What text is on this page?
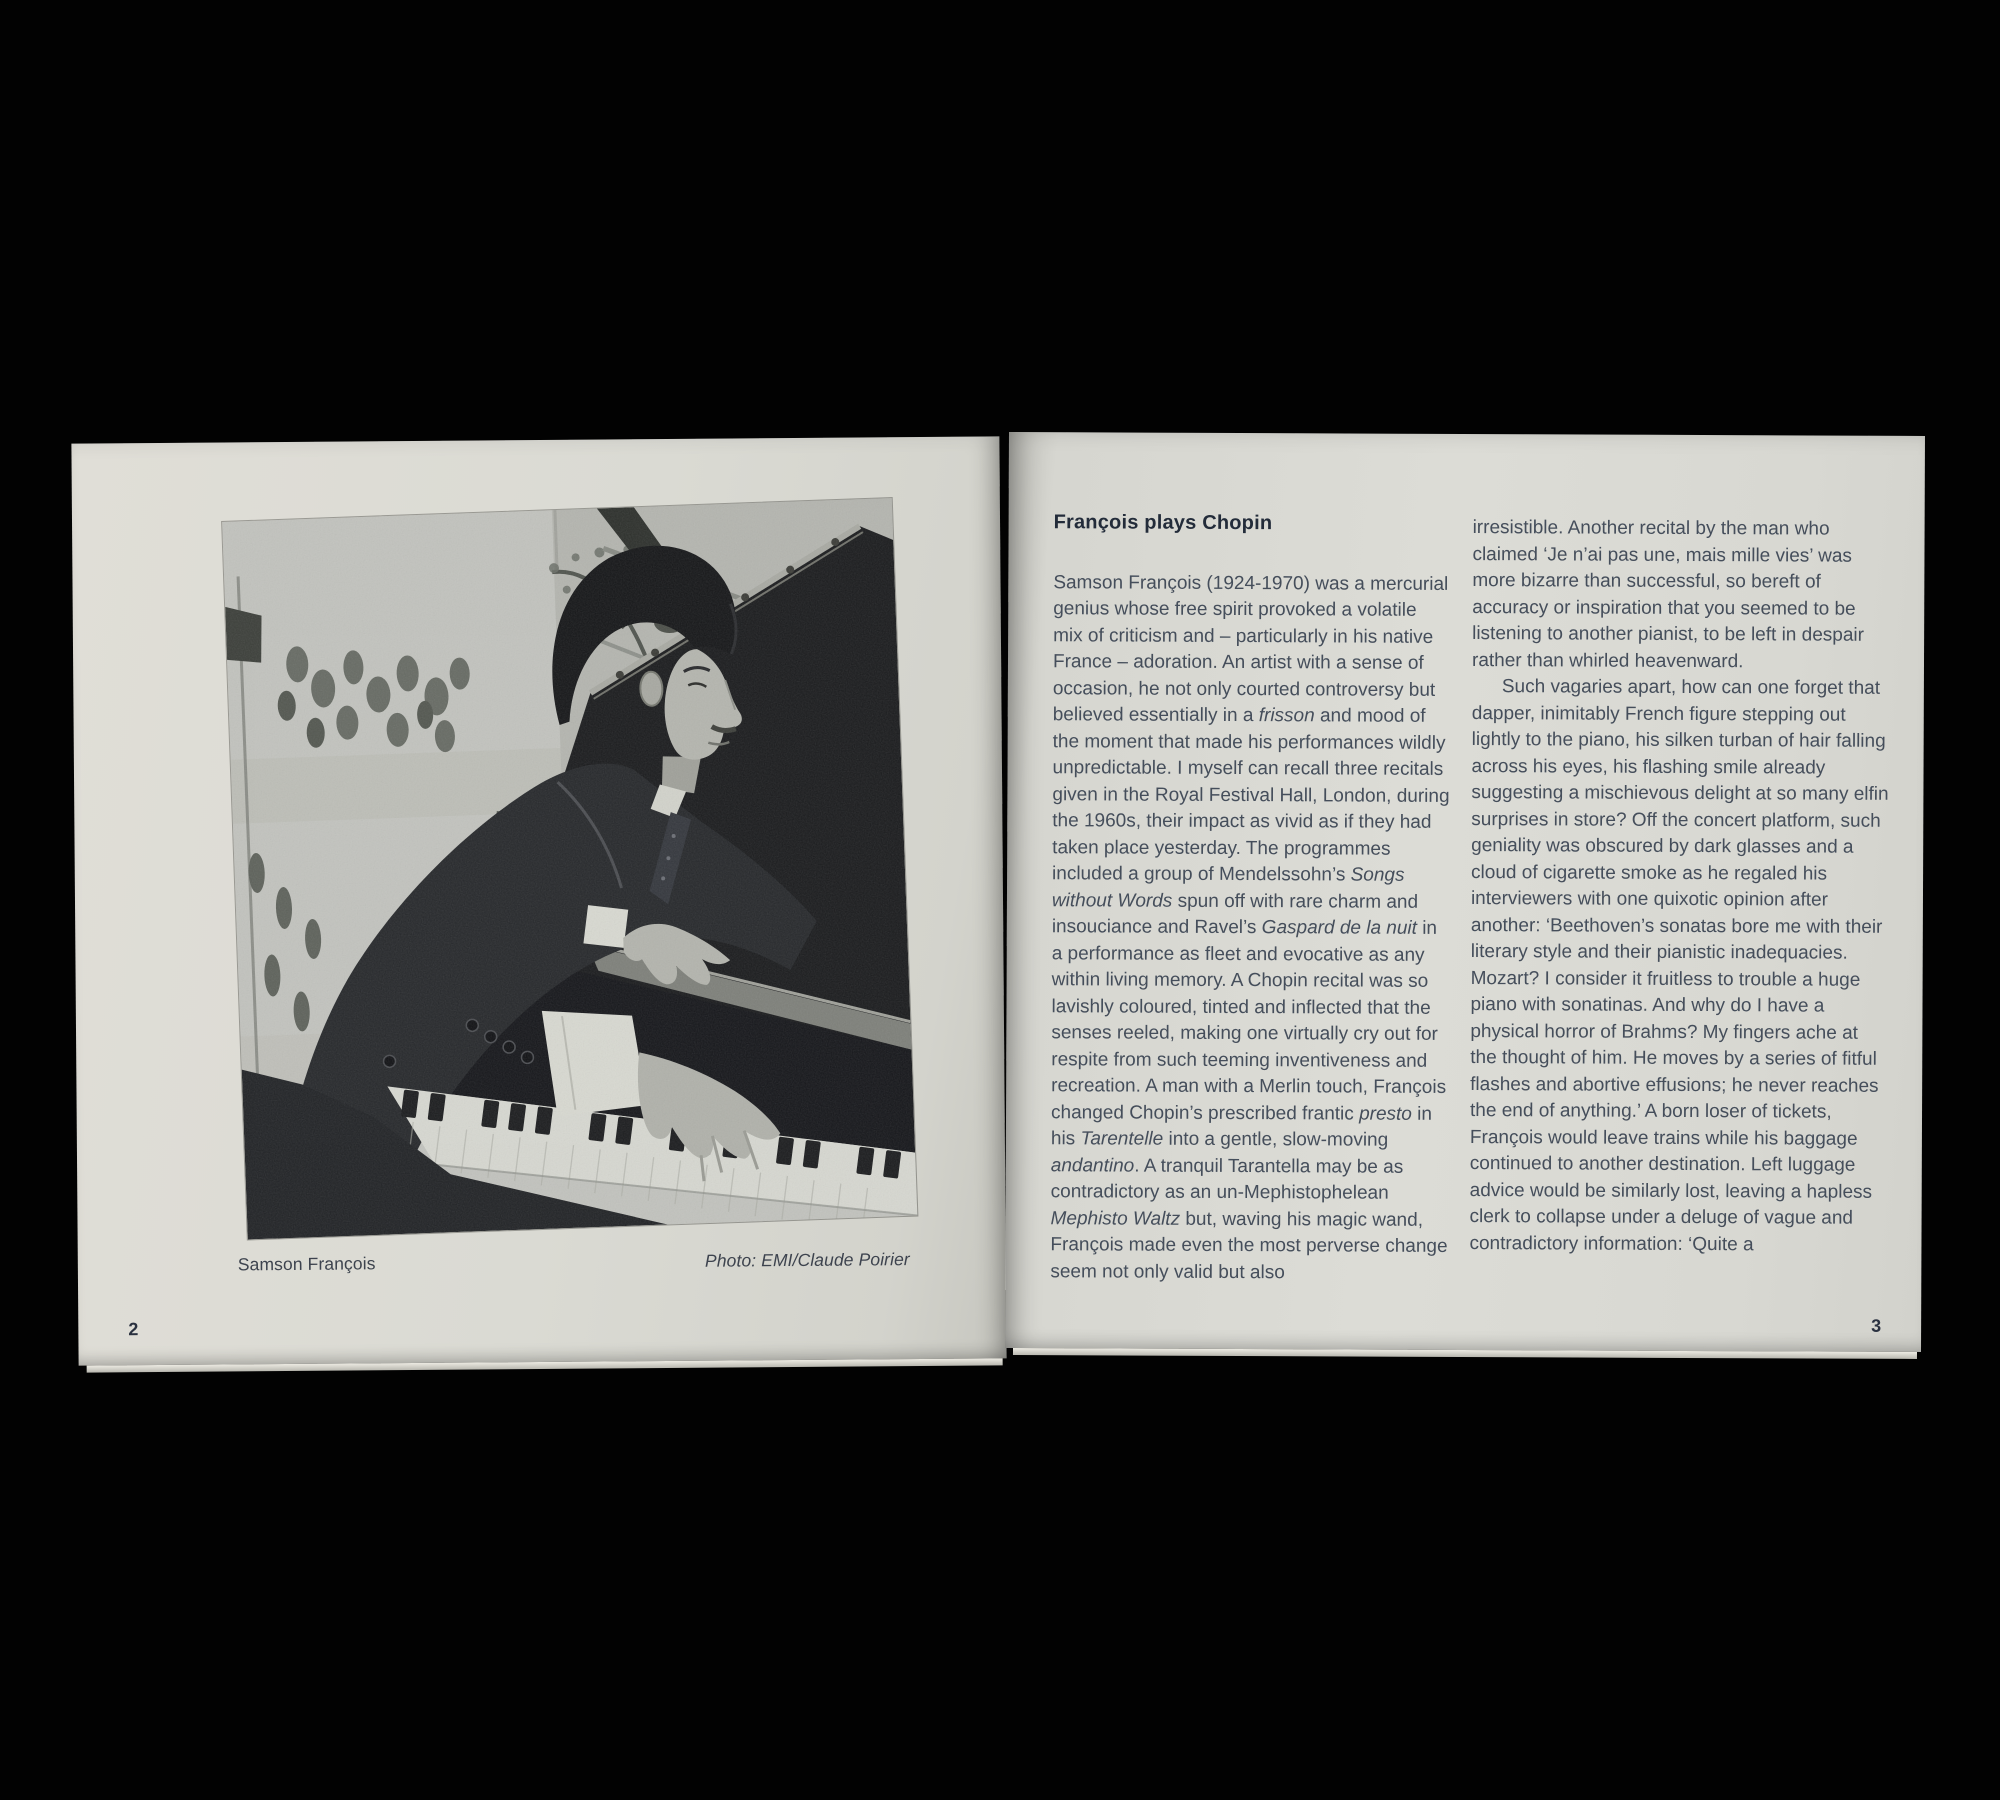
Samson François	Photo: EMI/Claude Poirier
2
François plays Chopin

Samson François (1924-1970) was a mercurial genius whose free spirit provoked a volatile mix of criticism and – particularly in his native France – adoration. An artist with a sense of occasion, he not only courted controversy but believed essentially in a frisson and mood of the moment that made his performances wildly unpredictable. I myself can recall three recitals given in the Royal Festival Hall, London, during the 1960s, their impact as vivid as if they had taken place yesterday. The programmes included a group of Mendelssohn’s Songs without Words spun off with rare charm and insouciance and Ravel’s Gaspard de la nuit in a performance as fleet and evocative as any within living memory. A Chopin recital was so lavishly coloured, tinted and inflected that the senses reeled, making one virtually cry out for respite from such teeming inventiveness and recreation. A man with a Merlin touch, François changed Chopin’s prescribed frantic presto in his Tarentelle into a gentle, slow-moving andantino. A tranquil Tarantella may be as contradictory as an un-Mephistophelean Mephisto Waltz but, waving his magic wand, François made even the most perverse change seem not only valid but also

irresistible. Another recital by the man who claimed ‘Je n’ai pas une, mais mille vies’ was more bizarre than successful, so bereft of accuracy or inspiration that you seemed to be listening to another pianist, to be left in despair rather than whirled heavenward.

Such vagaries apart, how can one forget that dapper, inimitably French figure stepping out lightly to the piano, his silken turban of hair falling across his eyes, his flashing smile already suggesting a mischievous delight at so many elfin surprises in store? Off the concert platform, such geniality was obscured by dark glasses and a cloud of cigarette smoke as he regaled his interviewers with one quixotic opinion after another: ‘Beethoven’s sonatas bore me with their literary style and their pianistic inadequacies. Mozart? I consider it fruitless to trouble a huge piano with sonatinas. And why do I have a physical horror of Brahms? My fingers ache at the thought of him. He moves by a series of fitful flashes and abortive effusions; he never reaches the end of anything.’ A born loser of tickets, François would leave trains while his baggage continued to another destination. Left luggage advice would be similarly lost, leaving a hapless clerk to collapse under a deluge of vague and contradictory information: ‘Quite a

3
